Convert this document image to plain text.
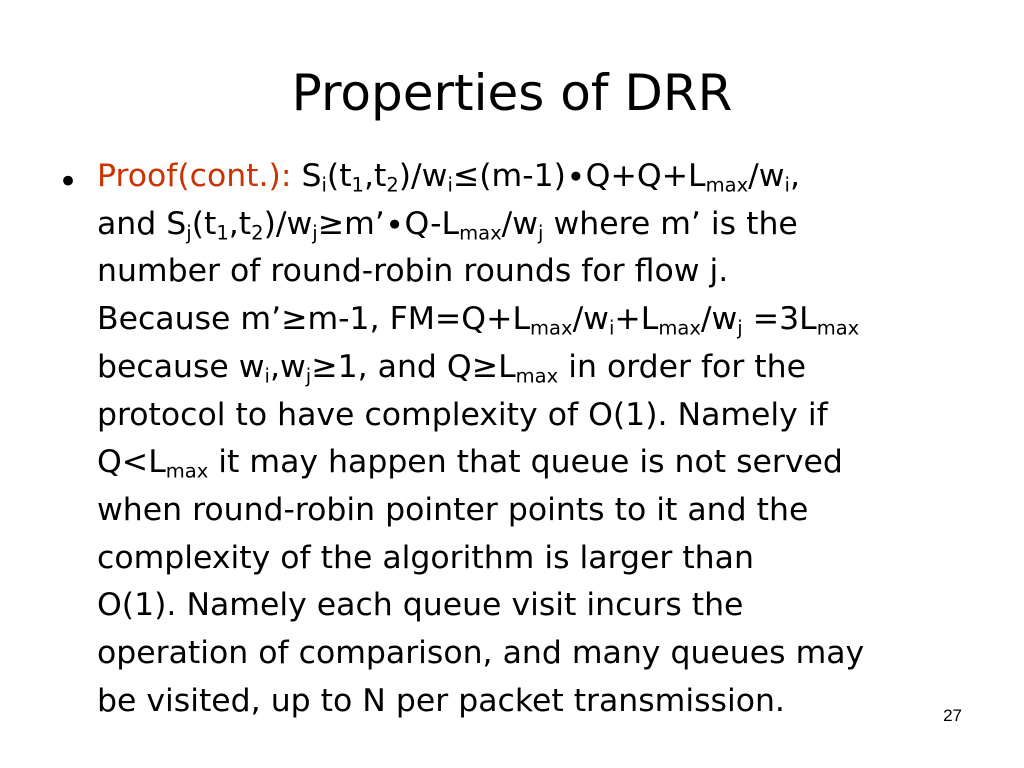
Properties of DRR
• Proof(cont.): $S_i(t_1,t_2)/w_i\le(m-1)\cdot Q+Q+L_{max}/w_i$,
and $S_j(t_1,t_2)/w_j\ge m’\cdot Q-L_{max}/w_j$ where m’ is the
number of round-robin rounds for flow j.
Because m’≥m-1, $FM=Q+L_{max}/w_i+L_{max}/w_j =3L_{max}$
because $w_i,w_j\ge 1$, and $Q\ge L_{max}$ in order for the
protocol to have complexity of O(1). Namely if
$Q<L_{max}$ it may happen that queue is not served
when round-robin pointer points to it and the
complexity of the algorithm is larger than
O(1). Namely each queue visit incurs the
operation of comparison, and many queues may
be visited, up to N per packet transmission.	27
